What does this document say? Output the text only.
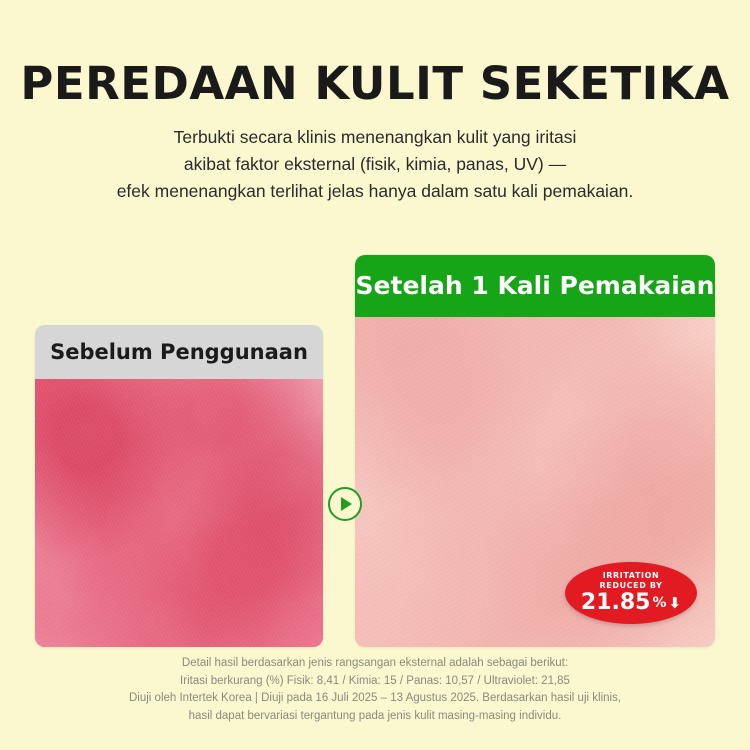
PEREDAAN KULIT SEKETIKA
Terbukti secara klinis menenangkan kulit yang iritasi
akibat faktor eksternal (fisik, kimia, panas, UV) —
efek menenangkan terlihat jelas hanya dalam satu kali pemakaian.
Sebelum Penggunaan
Setelah 1 Kali Pemakaian
IRRITATION
REDUCED BY
21.85 % ⬇
Detail hasil berdasarkan jenis rangsangan eksternal adalah sebagai berikut:
Iritasi berkurang (%) Fisik: 8,41 / Kimia: 15 / Panas: 10,57 / Ultraviolet: 21,85
Diuji oleh Intertek Korea | Diuji pada 16 Juli 2025 – 13 Agustus 2025. Berdasarkan hasil uji klinis,
hasil dapat bervariasi tergantung pada jenis kulit masing-masing individu.
